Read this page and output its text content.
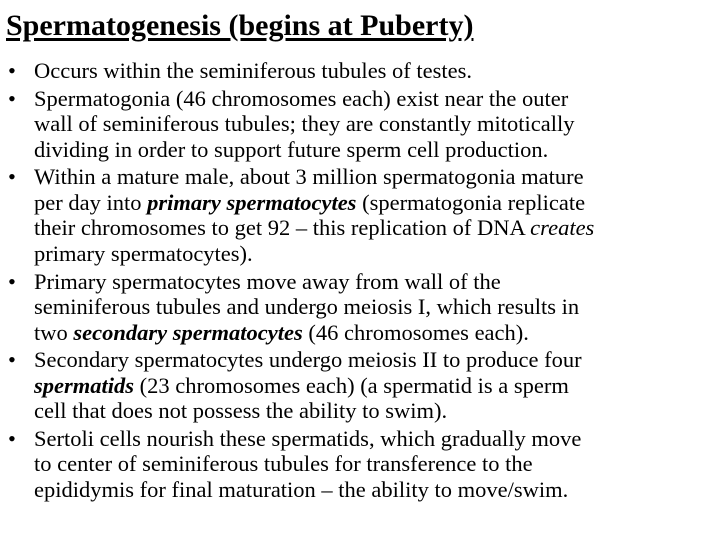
Spermatogenesis (begins at Puberty)
• Occurs within the seminiferous tubules of testes.
• Spermatogonia (46 chromosomes each) exist near the outer
wall of seminiferous tubules; they are constantly mitotically
dividing in order to support future sperm cell production.
• Within a mature male, about 3 million spermatogonia mature
per day into primary spermatocytes (spermatogonia replicate
their chromosomes to get 92 – this replication of DNA creates
primary spermatocytes).
• Primary spermatocytes move away from wall of the
seminiferous tubules and undergo meiosis I, which results in
two secondary spermatocytes (46 chromosomes each).
• Secondary spermatocytes undergo meiosis II to produce four
spermatids (23 chromosomes each) (a spermatid is a sperm
cell that does not possess the ability to swim).
• Sertoli cells nourish these spermatids, which gradually move
to center of seminiferous tubules for transference to the
epididymis for final maturation – the ability to move/swim.
